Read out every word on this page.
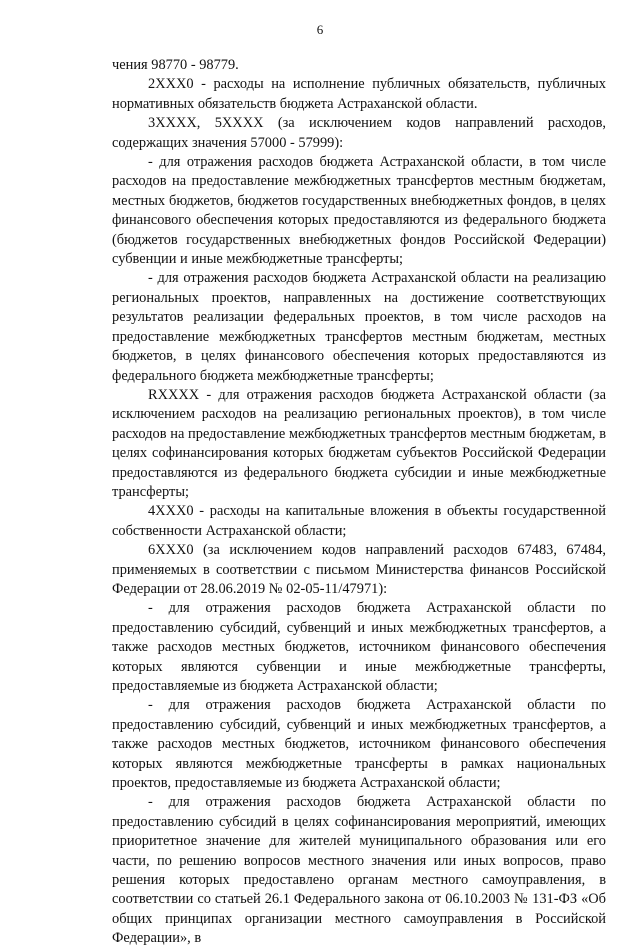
6

чения 98770 - 98779.

2XXX0 - расходы на исполнение публичных обязательств, публичных нормативных обязательств бюджета Астраханской области.

3XXXX, 5XXXX (за исключением кодов направлений расходов, содержащих значения 57000 - 57999):

- для отражения расходов бюджета Астраханской области, в том числе расходов на предоставление межбюджетных трансфертов местным бюджетам, местных бюджетов, бюджетов государственных внебюджетных фондов, в целях финансового обеспечения которых предоставляются из федерального бюджета (бюджетов государственных внебюджетных фондов Российской Федерации) субвенции и иные межбюджетные трансферты;

- для отражения расходов бюджета Астраханской области на реализацию региональных проектов, направленных на достижение соответствующих результатов реализации федеральных проектов, в том числе расходов на предоставление межбюджетных трансфертов местным бюджетам, местных бюджетов, в целях финансового обеспечения которых предоставляются из федерального бюджета межбюджетные трансферты;

RXXXX - для отражения расходов бюджета Астраханской области (за исключением расходов на реализацию региональных проектов), в том числе расходов на предоставление межбюджетных трансфертов местным бюджетам, в целях софинансирования которых бюджетам субъектов Российской Федерации предоставляются из федерального бюджета субсидии и иные межбюджетные трансферты;

4XXX0 - расходы на капитальные вложения в объекты государственной собственности Астраханской области;

6XXX0 (за исключением кодов направлений расходов 67483, 67484, применяемых в соответствии с письмом Министерства финансов Российской Федерации от 28.06.2019 № 02-05-11/47971):

- для отражения расходов бюджета Астраханской области по предоставлению субсидий, субвенций и иных межбюджетных трансфертов, а также расходов местных бюджетов, источником финансового обеспечения которых являются субвенции и иные межбюджетные трансферты, предоставляемые из бюджета Астраханской области;

- для отражения расходов бюджета Астраханской области по предоставлению субсидий, субвенций и иных межбюджетных трансфертов, а также расходов местных бюджетов, источником финансового обеспечения которых являются межбюджетные трансферты в рамках национальных проектов, предоставляемые из бюджета Астраханской области;

- для отражения расходов бюджета Астраханской области по предоставлению субсидий в целях софинансирования мероприятий, имеющих приоритетное значение для жителей муниципального образования или его части, по решению вопросов местного значения или иных вопросов, право решения которых предоставлено органам местного самоуправления, в соответствии со статьей 26.1 Федерального закона от 06.10.2003 № 131-ФЗ «Об общих принципах организации местного самоуправления в Российской Федерации», в
